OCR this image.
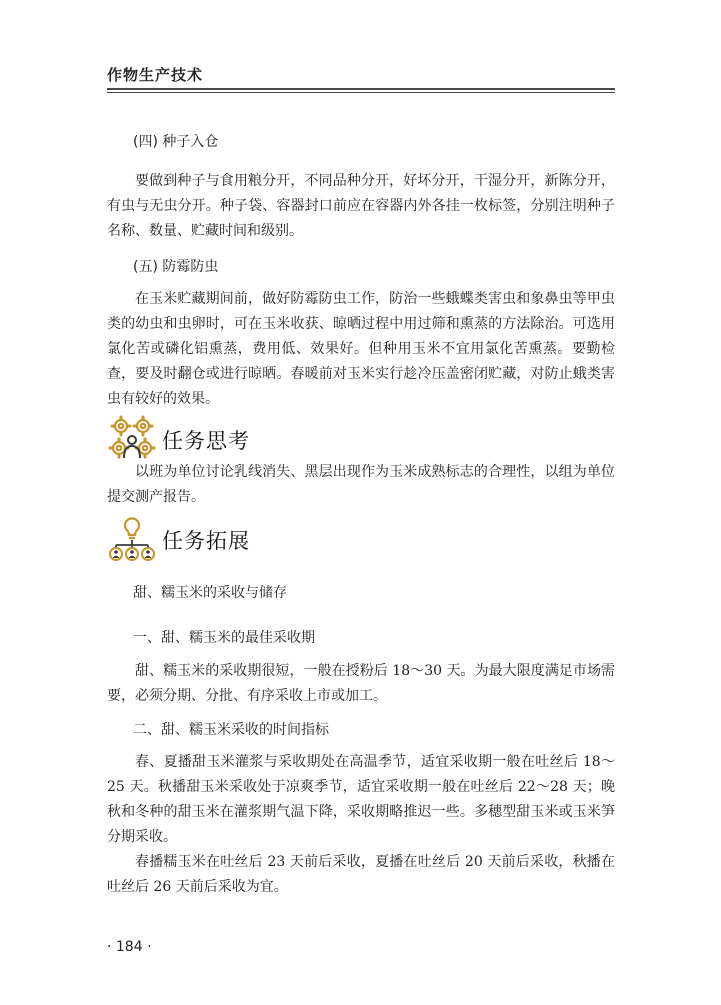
作物生产技术
(四) 种子入仓
要做到种子与食用粮分开，不同品种分开，好坏分开，干湿分开，新陈分开，有虫与无虫分开。种子袋、容器封口前应在容器内外各挂一枚标签，分别注明种子名称、数量、贮藏时间和级别。
(五) 防霉防虫
在玉米贮藏期间前，做好防霉防虫工作，防治一些蛾蝶类害虫和象鼻虫等甲虫类的幼虫和虫卵时，可在玉米收获、晾晒过程中用过筛和熏蒸的方法除治。可选用氯化苦或磷化铝熏蒸，费用低、效果好。但种用玉米不宜用氯化苦熏蒸。要勤检查，要及时翻仓或进行晾晒。春暖前对玉米实行趁冷压盖密闭贮藏，对防止蛾类害虫有较好的效果。
任务思考
以班为单位讨论乳线消失、黑层出现作为玉米成熟标志的合理性，以组为单位提交测产报告。
任务拓展
甜、糯玉米的采收与储存
一、甜、糯玉米的最佳采收期
甜、糯玉米的采收期很短，一般在授粉后 18～30 天。为最大限度满足市场需要，必须分期、分批、有序采收上市或加工。
二、甜、糯玉米采收的时间指标
春、夏播甜玉米灌浆与采收期处在高温季节，适宜采收期一般在吐丝后 18～25 天。秋播甜玉米采收处于凉爽季节，适宜采收期一般在吐丝后 22～28 天；晚秋和冬种的甜玉米在灌浆期气温下降，采收期略推迟一些。多穗型甜玉米或玉米笋分期采收。
春播糯玉米在吐丝后 23 天前后采收，夏播在吐丝后 20 天前后采收，秋播在吐丝后 26 天前后采收为宜。
· 184 ·
